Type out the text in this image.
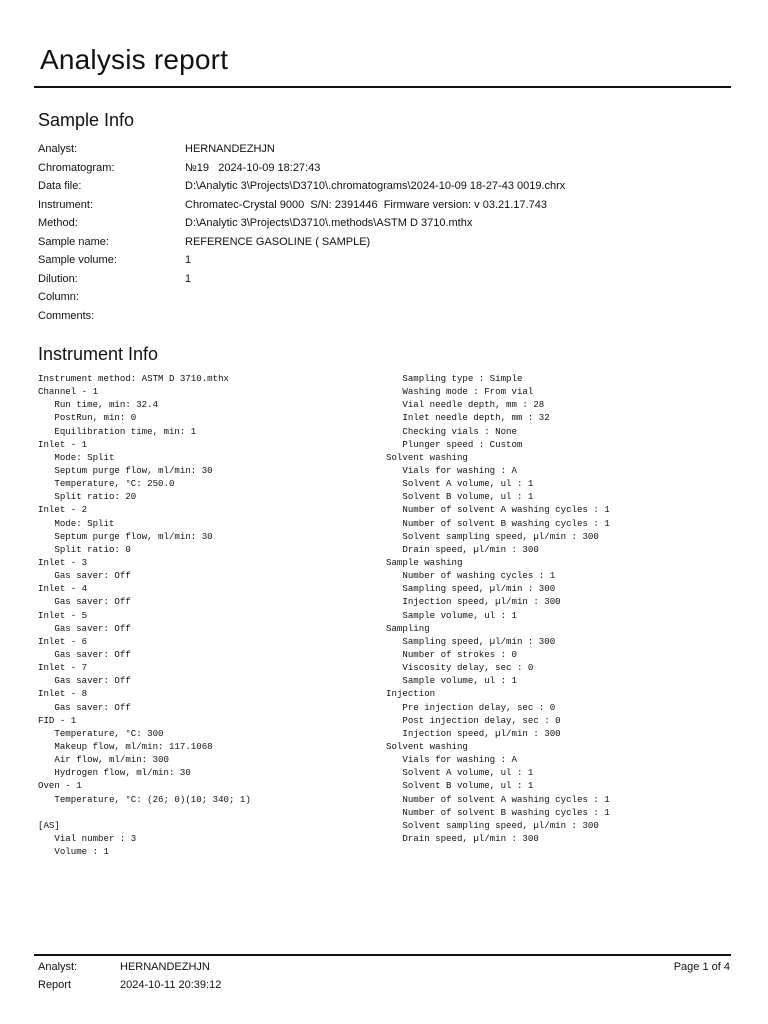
Analysis report
Sample Info
Analyst:	HERNANDEZHJN
Chromatogram:	№19   2024-10-09 18:27:43
Data file:	D:\Analytic 3\Projects\D3710\.chromatograms\2024-10-09 18-27-43 0019.chrx
Instrument:	Chromatec-Crystal 9000  S/N: 2391446  Firmware version: v 03.21.17.743
Method:	D:\Analytic 3\Projects\D3710\.methods\ASTM D 3710.mthx
Sample name:	REFERENCE GASOLINE ( SAMPLE)
Sample volume:	1
Dilution:	1
Column:
Comments:
Instrument Info
Instrument method: ASTM D 3710.mthx
Channel - 1
Run time, min: 32.4
PostRun, min: 0
Equilibration time, min: 1
Inlet - 1
Mode: Split
Septum purge flow, ml/min: 30
Temperature, °C: 250.0
Split ratio: 20
Inlet - 2
Mode: Split
Septum purge flow, ml/min: 30
Split ratio: 0
Inlet - 3
Gas saver: Off
Inlet - 4
Gas saver: Off
Inlet - 5
Gas saver: Off
Inlet - 6
Gas saver: Off
Inlet - 7
Gas saver: Off
Inlet - 8
Gas saver: Off
FID - 1
Temperature, °C: 300
Makeup flow, ml/min: 117.1068
Air flow, ml/min: 300
Hydrogen flow, ml/min: 30
Oven - 1
Temperature, °C: (26; 0)(10; 340; 1)
[AS]
Vial number : 3
Volume : 1
Sampling type : Simple
Washing mode : From vial
Vial needle depth, mm : 28
Inlet needle depth, mm : 32
Checking vials : None
Plunger speed : Custom
Solvent washing
Vials for washing : A
Solvent A volume, ul : 1
Solvent B volume, ul : 1
Number of solvent A washing cycles : 1
Number of solvent B washing cycles : 1
Solvent sampling speed, µl/min : 300
Drain speed, µl/min : 300
Sample washing
Number of washing cycles : 1
Sampling speed, µl/min : 300
Injection speed, µl/min : 300
Sample volume, ul : 1
Sampling
Sampling speed, µl/min : 300
Number of strokes : 0
Viscosity delay, sec : 0
Sample volume, ul : 1
Injection
Pre injection delay, sec : 0
Post injection delay, sec : 0
Injection speed, µl/min : 300
Solvent washing
Vials for washing : A
Solvent A volume, ul : 1
Solvent B volume, ul : 1
Number of solvent A washing cycles : 1
Number of solvent B washing cycles : 1
Solvent sampling speed, µl/min : 300
Drain speed, µl/min : 300
Analyst:	HERNANDEZHJN
Report	2024-10-11 20:39:12
Page 1 of 4
